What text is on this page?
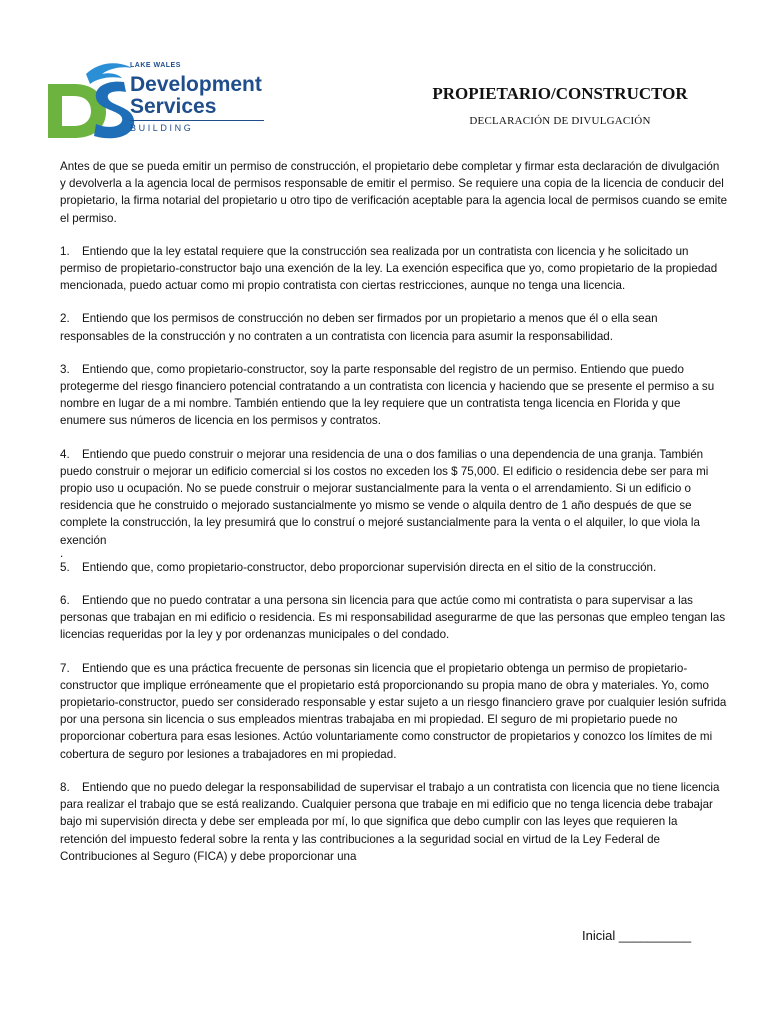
LAKE WALES
Development
Services
BUILDING
PROPIETARIO/CONSTRUCTOR
DECLARACIÓN DE DIVULGACIÓN

Antes de que se pueda emitir un permiso de construcción, el propietario debe completar y firmar esta declaración de divulgación y devolverla a la agencia local de permisos responsable de emitir el permiso. Se requiere una copia de la licencia de conducir del propietario, la firma notarial del propietario u otro tipo de verificación aceptable para la agencia local de permisos cuando se emite el permiso.

1. Entiendo que la ley estatal requiere que la construcción sea realizada por un contratista con licencia y he solicitado un permiso de propietario-constructor bajo una exención de la ley. La exención especifica que yo, como propietario de la propiedad mencionada, puedo actuar como mi propio contratista con ciertas restricciones, aunque no tenga una licencia.

2. Entiendo que los permisos de construcción no deben ser firmados por un propietario a menos que él o ella sean responsables de la construcción y no contraten a un contratista con licencia para asumir la responsabilidad.

3. Entiendo que, como propietario-constructor, soy la parte responsable del registro de un permiso. Entiendo que puedo protegerme del riesgo financiero potencial contratando a un contratista con licencia y haciendo que se presente el permiso a su nombre en lugar de a mi nombre. También entiendo que la ley requiere que un contratista tenga licencia en Florida y que enumere sus números de licencia en los permisos y contratos.

4. Entiendo que puedo construir o mejorar una residencia de una o dos familias o una dependencia de una granja. También puedo construir o mejorar un edificio comercial si los costos no exceden los $ 75,000. El edificio o residencia debe ser para mi propio uso u ocupación. No se puede construir o mejorar sustancialmente para la venta o el arrendamiento. Si un edificio o residencia que he construido o mejorado sustancialmente yo mismo se vende o alquila dentro de 1 año después de que se complete la construcción, la ley presumirá que lo construí o mejoré sustancialmente para la venta o el alquiler, lo que viola la exención

.

5. Entiendo que, como propietario-constructor, debo proporcionar supervisión directa en el sitio de la construcción.

6. Entiendo que no puedo contratar a una persona sin licencia para que actúe como mi contratista o para supervisar a las personas que trabajan en mi edificio o residencia. Es mi responsabilidad asegurarme de que las personas que empleo tengan las licencias requeridas por la ley y por ordenanzas municipales o del condado.

7. Entiendo que es una práctica frecuente de personas sin licencia que el propietario obtenga un permiso de propietario- constructor que implique erróneamente que el propietario está proporcionando su propia mano de obra y materiales. Yo, como propietario-constructor, puedo ser considerado responsable y estar sujeto a un riesgo financiero grave por cualquier lesión sufrida por una persona sin licencia o sus empleados mientras trabajaba en mi propiedad. El seguro de mi propietario puede no proporcionar cobertura para esas lesiones. Actúo voluntariamente como constructor de propietarios y conozco los límites de mi cobertura de seguro por lesiones a trabajadores en mi propiedad.

8. Entiendo que no puedo delegar la responsabilidad de supervisar el trabajo a un contratista con licencia que no tiene licencia para realizar el trabajo que se está realizando. Cualquier persona que trabaje en mi edificio que no tenga licencia debe trabajar bajo mi supervisión directa y debe ser empleada por mí, lo que significa que debo cumplir con las leyes que requieren la retención del impuesto federal sobre la renta y las contribuciones a la seguridad social en virtud de la Ley Federal de Contribuciones al Seguro (FICA) y debe proporcionar una

Inicial __________
